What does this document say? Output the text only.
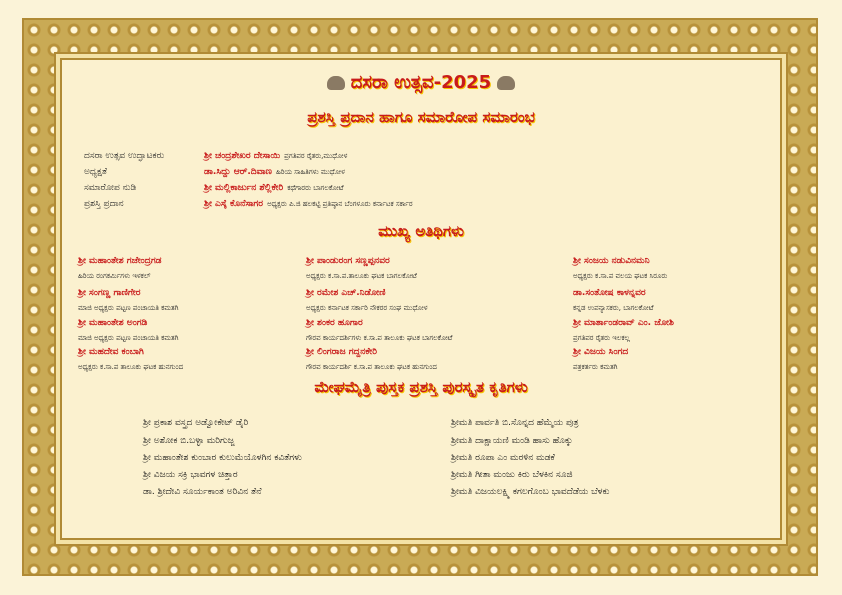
ದಸರಾ ಉತ್ಸವ-2025
ಪ್ರಶಸ್ತಿ ಪ್ರದಾನ ಹಾಗೂ ಸಮಾರೋಪ ಸಮಾರಂಭ
ದಸರಾ ಉತ್ಸವ ಉದ್ಘಾಟಕರು	ಶ್ರೀ ಚಂದ್ರಶೇಖರ ದೇಸಾಯಿ ಪ್ರಗತಿಪರ ರೈತರು,ಮುಧೋಳ
ಅಧ್ಯಕ್ಷತೆ	ಡಾ.ಸಿದ್ದು ಆರ್.ದಿವಾಣ ಹಿರಿಯ ಸಾಹಿತಿಗಳು ಮುಧೋಳ
ಸಮಾರೋಪ ನುಡಿ	ಶ್ರೀ ಮಲ್ಲಿಕಾರ್ಜುನ ಶೆಲ್ಲಿಕೇರಿ ಕಥೆಗಾರರು ಬಾಗಲಕೋಟೆ
ಪ್ರಶಸ್ತಿ ಪ್ರದಾನ	ಶ್ರೀ ಎಸ್ಕೆ ಕೊನೆಸಾಗರ ಅಧ್ಯಕ್ಷರು ಪಿ.ಜಿ ಹಲಕಟ್ಟಿ ಪ್ರತಿಷ್ಠಾನ ಬೆಂಗಳೂರು ಕರ್ನಾಟಕ ಸರ್ಕಾರ
ಮುಖ್ಯ ಅತಿಥಿಗಳು
ಶ್ರೀ ಮಹಾಂತೇಶ ಗಜೇಂದ್ರಗಡ
ಹಿರಿಯ ರಂಗಕರ್ಮಿಗಳು ಇಳಕಲ್
ಶ್ರೀ ಸಂಗಣ್ಣ ಗಾಣಿಗೇರ
ಮಾಜಿ ಅಧ್ಯಕ್ಷರು ಪಟ್ಟಣ ಪಂಚಾಯತಿ ಕಮತಗಿ
ಶ್ರೀ ಮಹಾಂತೇಶ ಅಂಗಡಿ
ಮಾಜಿ ಅಧ್ಯಕ್ಷರು ಪಟ್ಟಣ ಪಂಚಾಯತಿ ಕಮತಗಿ
ಶ್ರೀ ಮಹದೇವ ಕಂಬಾಗಿ
ಅಧ್ಯಕ್ಷರು ಕ.ಸಾ.ಪ ತಾಲೂಕು ಘಟಕ ಹುನಗುಂದ
ಶ್ರೀ ಪಾಂಡುರಂಗ ಸಣ್ಣಪ್ಪನವರ
ಅಧ್ಯಕ್ಷರು ಕ.ಸಾ.ಪ.ತಾಲೂಕು ಘಟಕ ಬಾಗಲಕೋಟೆ
ಶ್ರೀ ರಮೇಶ ಎಚ್.ನಿಡೋಣಿ
ಅಧ್ಯಕ್ಷರು ಕರ್ನಾಟಕ ಸರ್ಕಾರಿ ನೌಕರರ ಸಂಘ ಮುಧೋಳ
ಶ್ರೀ ಶಂಕರ ಹೂಗಾರ
ಗೌರವ ಕಾರ್ಯದರ್ಶಿಗಳು ಕ.ಸಾ.ಪ ತಾಲೂಕು ಘಟಕ ಬಾಗಲಕೋಟೆ
ಶ್ರೀ ಲಿಂಗರಾಜ ಗದ್ದನಕೇರಿ
ಗೌರವ ಕಾರ್ಯದರ್ಶಿ ಕ.ಸಾ.ಪ ತಾಲೂಕು ಘಟಕ ಹುನಗುಂದ
ಶ್ರೀ ಸಂಜಯ ನಡುವಿನಮನಿ
ಅಧ್ಯಕ್ಷರು ಕ.ಸಾ.ಪ ವಲಯ ಘಟಕ ಸಿರೂರು
ಡಾ.ಸಂತೋಷ ಕಾಳನ್ನವರ
ಕನ್ನಡ ಉಪನ್ಯಾಸಕರು, ಬಾಗಲಕೋಟೆ
ಶ್ರೀ ಮಾರ್ತಾಂಡರಾವ್ ಎಂ. ಜೋಶಿ
ಪ್ರಗತಿಪರ ರೈತರು ಇಲಕಲ್ಲ
ಶ್ರೀ ವಿಜಯ ಸಿಂಗದ
ಪತ್ರಕರ್ತರು ಕಮತಗಿ
ಮೇಘಮೈತ್ರಿ ಪುಸ್ತಕ ಪ್ರಶಸ್ತಿ ಪುರಸ್ಕೃತ ಕೃತಿಗಳು
ಶ್ರೀ ಪ್ರಕಾಶ ವಸ್ತ್ರದ ಅಡ್ವೋಕೇಟ್ ಡೈರಿ
ಶ್ರೀ ಅಶೋಕ ಬಿ.ಬಳ್ಳಾ ಮರಿಗುಜ್ಜ
ಶ್ರೀ ಮಹಾಂತೇಶ ಕುಂಬಾರ ಕುಲುಮೆಯೊಳಗಿನ ಕವಿತೆಗಳು
ಶ್ರೀ ವಿಜಯ ಸಕ್ರಿ ಭಾವಗಳ ಚಿತ್ತಾರ
ಡಾ. ಶ್ರೀದೇವಿ ಸೂರ್ಯಕಾಂತ ಅರಿವಿನ ತೆನೆ
ಶ್ರೀಮತಿ ಪಾರ್ವತಿ ಬಿ.ಸೊನ್ನದ ಹೆಮ್ಮೆಯ ಪುತ್ರ
ಶ್ರೀಮತಿ ದಾಕ್ಷಾಯಣಿ ಮಂಡಿ ಹಾಸು ಹೊಕ್ಕು
ಶ್ರೀಮತಿ ರೂಪಾ ಎಂ ಮರಳಿನ ಮಡಕೆ
ಶ್ರೀಮತಿ ಗೀತಾ ಮಂಜು ಕಿರು ಬೆಳಕಿನ ಸೂಜಿ
ಶ್ರೀಮತಿ ವಿಜಯಲಕ್ಷ್ಮಿ ಕಗಲಗೊಂಬ ಭಾವದೆಡೆಯ ಬೆಳಕು
